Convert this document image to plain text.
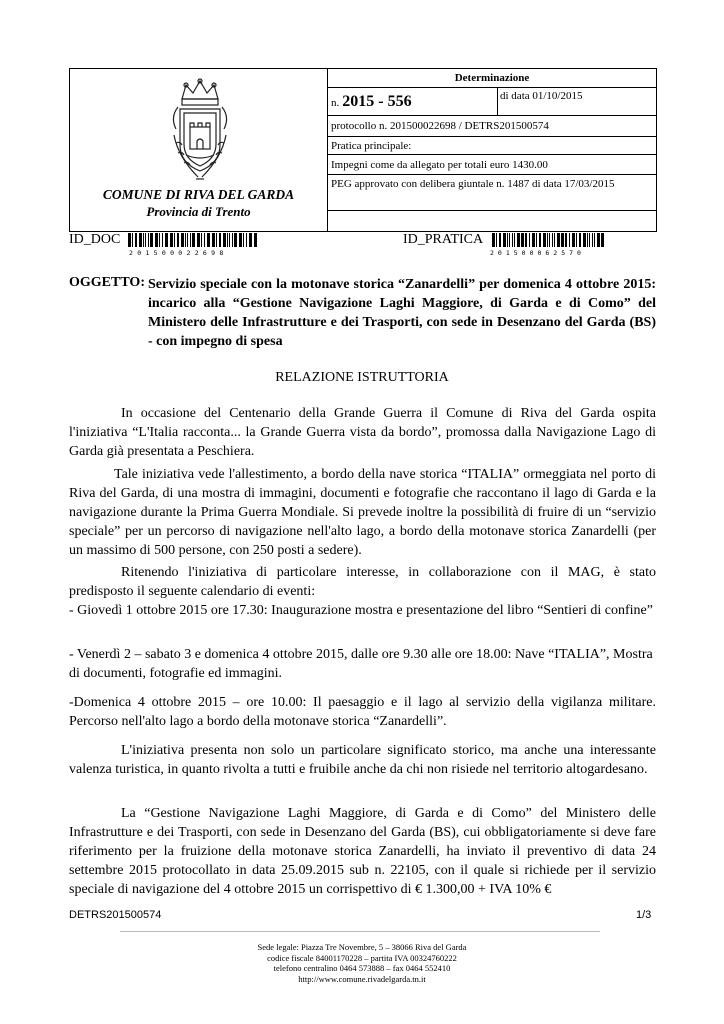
COMUNE DI RIVA DEL GARDA
Provincia di Trento
Determinazione
n. 2015 - 556	di data 01/10/2015
protocollo n. 201500022698 / DETRS201500574
Pratica principale:
Impegni come da allegato per totali euro 1430.00
PEG approvato con delibera giuntale n. 1487 di data 17/03/2015
ID_DOC
201500022698
ID_PRATICA
201500062570
OGGETTO: Servizio speciale con la motonave storica “Zanardelli” per domenica 4 ottobre 2015: incarico alla “Gestione Navigazione Laghi Maggiore, di Garda e di Como” del Ministero delle Infrastrutture e dei Trasporti, con sede in Desenzano del Garda (BS) - con impegno di spesa

RELAZIONE ISTRUTTORIA

In occasione del Centenario della Grande Guerra il Comune di Riva del Garda ospita l'iniziativa “L'Italia racconta... la Grande Guerra vista da bordo”, promossa dalla Navigazione Lago di Garda già presentata a Peschiera.

Tale iniziativa vede l'allestimento, a bordo della nave storica “ITALIA” ormeggiata nel porto di Riva del Garda, di una mostra di immagini, documenti e fotografie che raccontano il lago di Garda e la navigazione durante la Prima Guerra Mondiale. Si prevede inoltre la possibilità di fruire di un “servizio speciale” per un percorso di navigazione nell'alto lago, a bordo della motonave storica Zanardelli (per un massimo di 500 persone, con 250 posti a sedere).

Ritenendo l'iniziativa di particolare interesse, in collaborazione con il MAG, è stato predisposto il seguente calendario di eventi:

- Giovedì 1 ottobre 2015 ore 17.30: Inaugurazione mostra e presentazione del libro “Sentieri di confine”

- Venerdì 2 – sabato 3 e domenica 4 ottobre 2015, dalle ore 9.30 alle ore 18.00: Nave “ITALIA”, Mostra di documenti, fotografie ed immagini.

-Domenica 4 ottobre 2015 – ore 10.00: Il paesaggio e il lago al servizio della vigilanza militare. Percorso nell'alto lago a bordo della motonave storica “Zanardelli”.

L'iniziativa presenta non solo un particolare significato storico, ma anche una interessante valenza turistica, in quanto rivolta a tutti e fruibile anche da chi non risiede nel territorio altogardesano.

La “Gestione Navigazione Laghi Maggiore, di Garda e di Como” del Ministero delle Infrastrutture e dei Trasporti, con sede in Desenzano del Garda (BS), cui obbligatoriamente si deve fare riferimento per la fruizione della motonave storica Zanardelli, ha inviato il preventivo di data 24 settembre 2015 protocollato in data 25.09.2015 sub n. 22105, con il quale si richiede per il servizio speciale di navigazione del 4 ottobre 2015 un corrispettivo di € 1.300,00 + IVA 10% €

DETRS201500574	1/3
Sede legale: Piazza Tre Novembre, 5 – 38066 Riva del Garda
codice fiscale 84001170228 – partita IVA 00324760222
telefono centralino 0464 573888 – fax 0464 552410
http://www.comune.rivadelgarda.tn.it
